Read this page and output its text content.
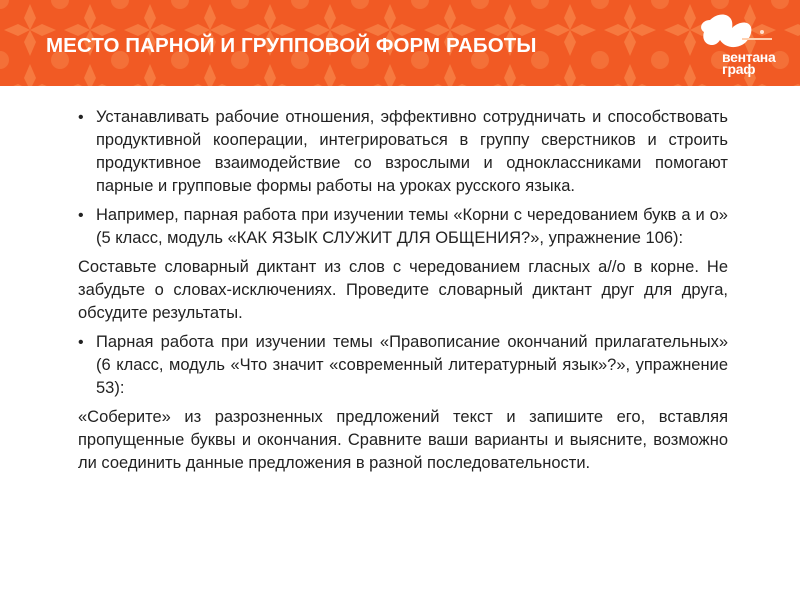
МЕСТО ПАРНОЙ И ГРУППОВОЙ ФОРМ РАБОТЫ	вентана
граф
• Устанавливать рабочие отношения, эффективно сотрудничать и способствовать продуктивной кооперации, интегрироваться в группу сверстников и строить продуктивное взаимодействие со взрослыми и одноклассниками помогают парные и групповые формы работы на уроках русского языка.
• Например, парная работа при изучении темы «Корни с чередованием букв а и о» (5 класс, модуль «КАК ЯЗЫК СЛУЖИТ ДЛЯ ОБЩЕНИЯ?», упражнение 106):
Составьте словарный диктант из слов с чередованием гласных а//о в корне. Не забудьте о словах-исключениях. Проведите словарный диктант друг для друга, обсудите результаты.
• Парная работа при изучении темы «Правописание окончаний прилагательных» (6 класс, модуль «Что значит «современный литературный язык»?», упражнение 53):
«Соберите» из разрозненных предложений текст и запишите его, вставляя пропущенные буквы и окончания. Сравните ваши варианты и выясните, возможно ли соединить данные предложения в разной последовательности.
